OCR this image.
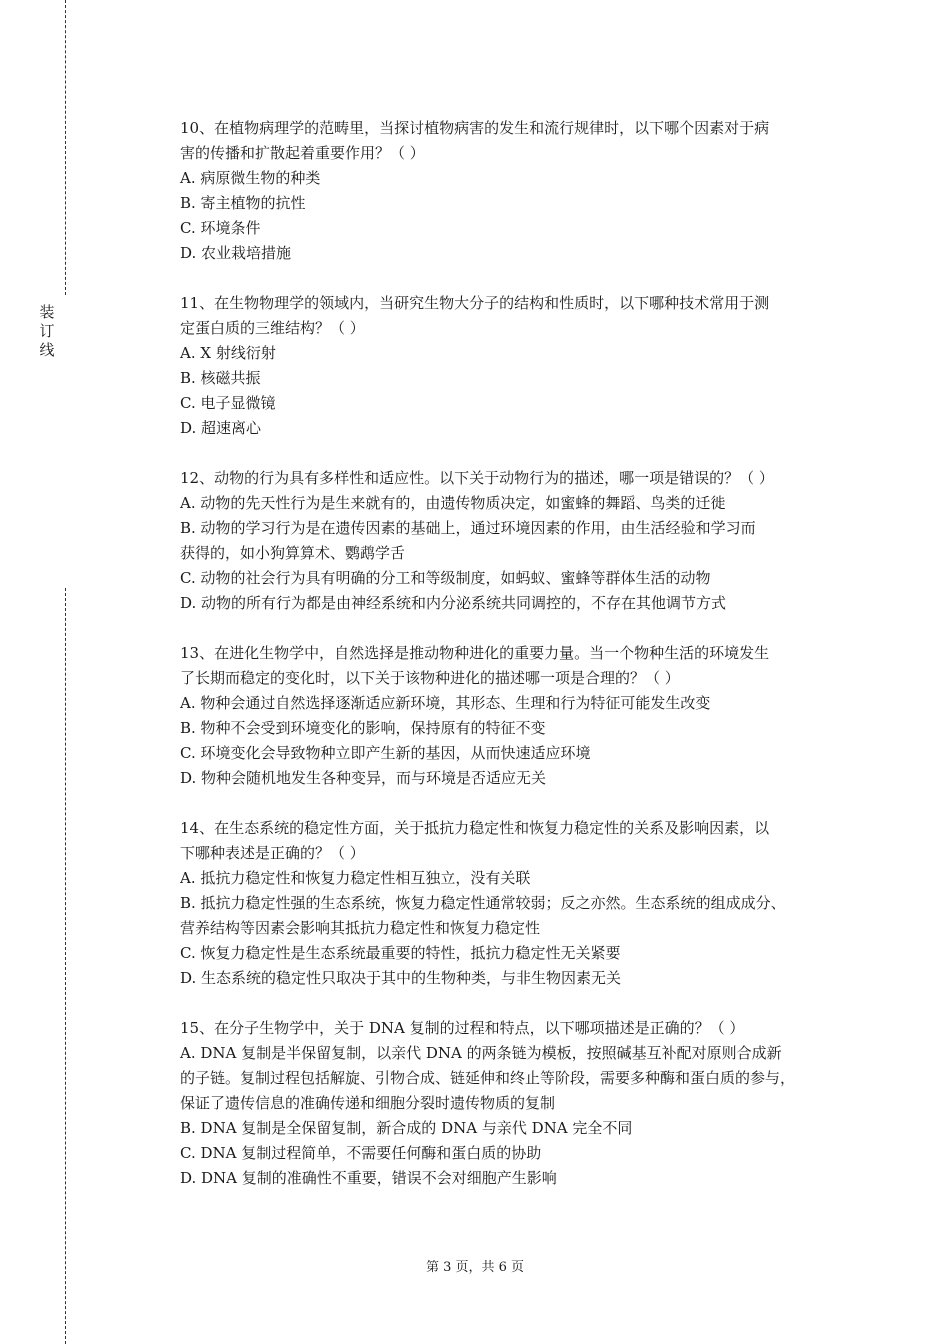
装
订
线
10、在植物病理学的范畴里，当探讨植物病害的发生和流行规律时，以下哪个因素对于病
害的传播和扩散起着重要作用？（ ）
A. 病原微生物的种类
B. 寄主植物的抗性
C. 环境条件
D. 农业栽培措施
11、在生物物理学的领域内，当研究生物大分子的结构和性质时，以下哪种技术常用于测
定蛋白质的三维结构？（ ）
A. X 射线衍射
B. 核磁共振
C. 电子显微镜
D. 超速离心
12、动物的行为具有多样性和适应性。以下关于动物行为的描述，哪一项是错误的？（ ）
A. 动物的先天性行为是生来就有的，由遗传物质决定，如蜜蜂的舞蹈、鸟类的迁徙
B. 动物的学习行为是在遗传因素的基础上，通过环境因素的作用，由生活经验和学习而
获得的，如小狗算算术、鹦鹉学舌
C. 动物的社会行为具有明确的分工和等级制度，如蚂蚁、蜜蜂等群体生活的动物
D. 动物的所有行为都是由神经系统和内分泌系统共同调控的，不存在其他调节方式
13、在进化生物学中，自然选择是推动物种进化的重要力量。当一个物种生活的环境发生
了长期而稳定的变化时，以下关于该物种进化的描述哪一项是合理的？（ ）
A. 物种会通过自然选择逐渐适应新环境，其形态、生理和行为特征可能发生改变
B. 物种不会受到环境变化的影响，保持原有的特征不变
C. 环境变化会导致物种立即产生新的基因，从而快速适应环境
D. 物种会随机地发生各种变异，而与环境是否适应无关
14、在生态系统的稳定性方面，关于抵抗力稳定性和恢复力稳定性的关系及影响因素，以
下哪种表述是正确的？（ ）
A. 抵抗力稳定性和恢复力稳定性相互独立，没有关联
B. 抵抗力稳定性强的生态系统，恢复力稳定性通常较弱；反之亦然。生态系统的组成成分、
营养结构等因素会影响其抵抗力稳定性和恢复力稳定性
C. 恢复力稳定性是生态系统最重要的特性，抵抗力稳定性无关紧要
D. 生态系统的稳定性只取决于其中的生物种类，与非生物因素无关
15、在分子生物学中，关于 DNA 复制的过程和特点，以下哪项描述是正确的？（ ）
A. DNA 复制是半保留复制，以亲代 DNA 的两条链为模板，按照碱基互补配对原则合成新
的子链。复制过程包括解旋、引物合成、链延伸和终止等阶段，需要多种酶和蛋白质的参与，
保证了遗传信息的准确传递和细胞分裂时遗传物质的复制
B. DNA 复制是全保留复制，新合成的 DNA 与亲代 DNA 完全不同
C. DNA 复制过程简单，不需要任何酶和蛋白质的协助
D. DNA 复制的准确性不重要，错误不会对细胞产生影响
第 3 页，共 6 页
